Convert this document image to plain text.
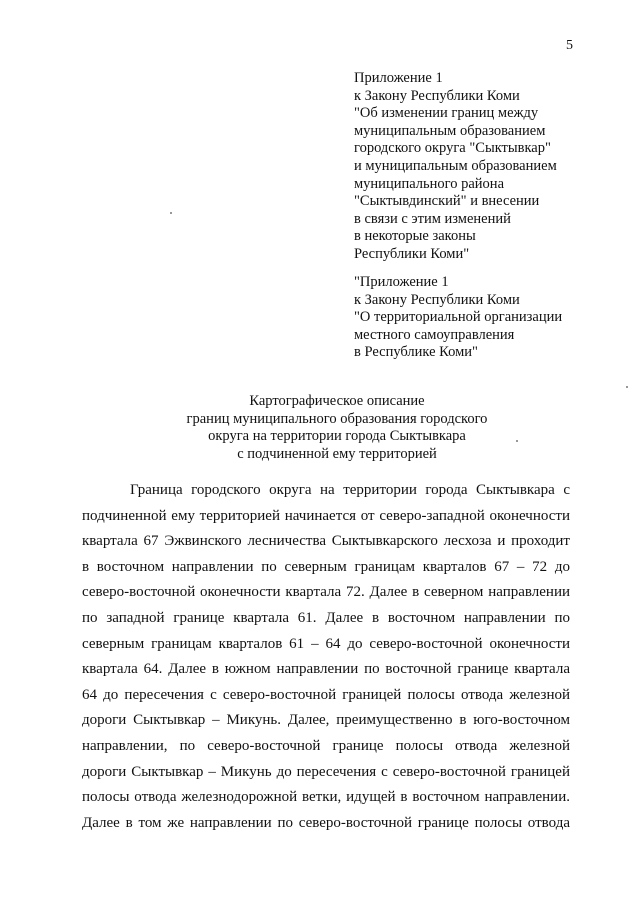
5
Приложение 1
к Закону Республики Коми
"Об изменении границ между
муниципальным образованием
городского округа "Сыктывкар"
и муниципальным образованием
муниципального района
"Сыктывдинский" и внесении
в связи с этим изменений
в некоторые законы
Республики Коми"
"Приложение 1
к Закону Республики Коми
"О территориальной организации
местного самоуправления
в Республике Коми"
Картографическое описание
границ муниципального образования городского
округа на территории города Сыктывкара
с подчиненной ему территорией
Граница городского округа на территории города Сыктывкара с
подчиненной ему территорией начинается от северо-западной оконечности
квартала 67 Эжвинского лесничества Сыктывкарского лесхоза и проходит
в восточном направлении по северным границам кварталов 67 – 72 до
северо-восточной оконечности квартала 72. Далее в северном направлении
по западной границе квартала 61. Далее в восточном направлении по
северным границам кварталов 61 – 64 до северо-восточной оконечности
квартала 64. Далее в южном направлении по восточной границе квартала
64 до пересечения с северо-восточной границей полосы отвода железной
дороги Сыктывкар – Микунь. Далее, преимущественно в юго-восточном
направлении, по северо-восточной границе полосы отвода железной
дороги Сыктывкар – Микунь до пересечения с северо-восточной границей
полосы отвода железнодорожной ветки, идущей в восточном направлении.
Далее в том же направлении по северо-восточной границе полосы отвода
